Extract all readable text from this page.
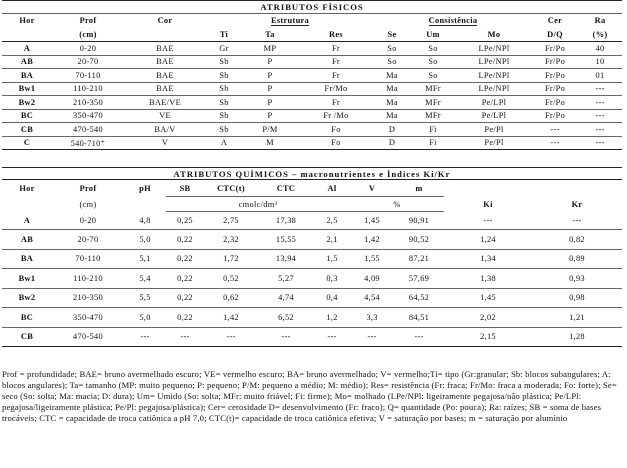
ATRIBUTOS FÍSICOS										
Hor	Prof	Cor	Estrutura			Consistência			Cer	Ra
	(cm)		Ti	Ta	Res	Se	Um	Mo	D/Q	(%)
A	0-20	BAE	Gr	MP	Fr	So	So	LPe/NPl	Fr/Po	40
AB	20-70	BAE	Sb	P	Fr	So	So	LPe/NPl	Fr/Po	10
BA	70-110	BAE	Sb	P	Fr	Ma	So	LPe/NPl	Fr/Po	01
Bw1	110-210	BAE	Sb	P	Fr/Mo	Ma	MFr	LPe/NPl	Fr/Po	---
Bw2	210-350	BAE/VE	Sb	P	Fr	Ma	MFr	Pe/LPl	Fr/Po	---
BC	350-470	VE	Sb	P	Fr /Mo	Ma	MFr	Pe/LPl	Fr/Po	---
CB	470-540	BA/V	Sb	P/M	Fo	D	Fi	Pe/Pl	---	---
C	540-710⁺	V	A	M	Fo	D	Fi	Pe/Pl	---	---
ATRIBUTOS QUÍMICOS – macronutrientes e Índices Ki/Kr										
Hor	Prof	pH	SB	CTC(t)	CTC	Al	V	m		
	(cm)		cmolc/dm³				%		Ki	Kr
A	0-20	4,8	0,25	2,75	17,38	2,5	1,45	90,91	---	---
AB	20-70	5,0	0,22	2,32	15,55	2,1	1,42	90,52	1,24	0,82
BA	70-110	5,1	0,22	1,72	13,94	1,5	1,55	87,21	1,34	0,89
Bw1	110-210	5,4	0,22	0,52	5,27	0,3	4,09	57,69	1,38	0,93
Bw2	210-350	5,5	0,22	0,62	4,74	0,4	4,54	64,52	1,45	0,98
BC	350-470	5,0	0,22	1,42	6,52	1,2	3,3	84,51	2,02	1,21
CB	470-540	---	---	---	---	---	---	---	2,15	1,28
Prof = profundidade; BAE= bruno avermelhado escuro; VE= vermelho escuro; BA= bruno avermelhado; V= vermelho;Ti= tipo (Gr:granular; Sb: blocos subangulares; A: blocos angulares); Ta= tamanho (MP: muito pequeno; P: pequeno; P/M: pequeno a médio; M: médio); Res= resistência (Fr: fraca; Fr/Mo: fraca a moderada; Fo: forte); Se= seco (So: solta; Ma: macia; D: dura); Um= Umido (So: solta; MFr: muito friável; Fi: firme); Mo= molhado (LPe/NPl: ligeiramente pegajosa/não plástica; Pe/LPl: pegajosa/ligeiramente plástica; Pe/Pl: pegajosa/plástica); Cer= cerosidade D= desenvolvimento (Fr: fraco); Q= quantidade (Po: pouca); Ra: raízes; SB = soma de bases trocáveis; CTC = capacidade de troca catiônica a pH 7,0; CTC(t)= capacidade de troca catiônica efetiva; V = saturação por bases; m = saturação por alumínio
